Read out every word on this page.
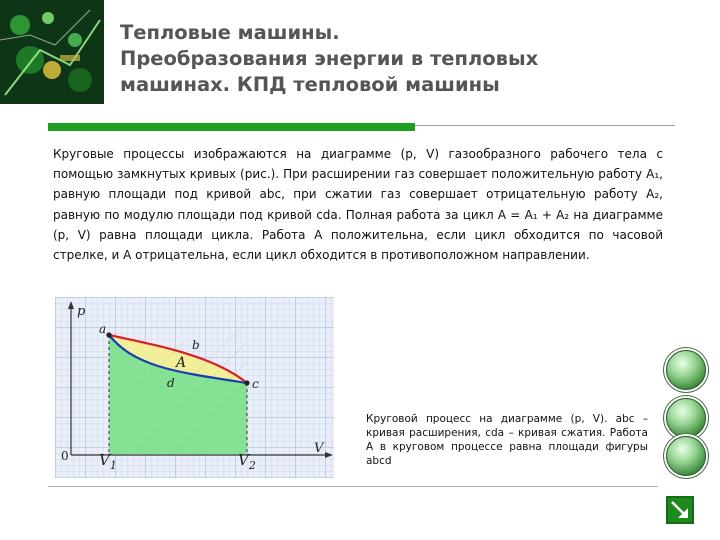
Тепловые машины.
Преобразования энергии в тепловых
машинах. КПД тепловой машины

Круговые процессы изображаются на диаграмме (p, V) газообразного рабочего тела с помощью замкнутых кривых (рис.). При расширении газ совершает положительную работу A₁, равную площади под кривой abc, при сжатии газ совершает отрицательную работу A₂, равную по модулю площади под кривой cda. Полная работа за цикл A = A₁ + A₂ на диаграмме (p, V) равна площади цикла. Работа A положительна, если цикл обходится по часовой стрелке, и A отрицательна, если цикл обходится в противоположном направлении.

p
V
0
a
b
c
d
A
$V_1$	$V_2$

Круговой процесс на диаграмме (p, V). abc – кривая расширения, cda – кривая сжатия. Работа А в круговом процессе равна площади фигуры abcd
